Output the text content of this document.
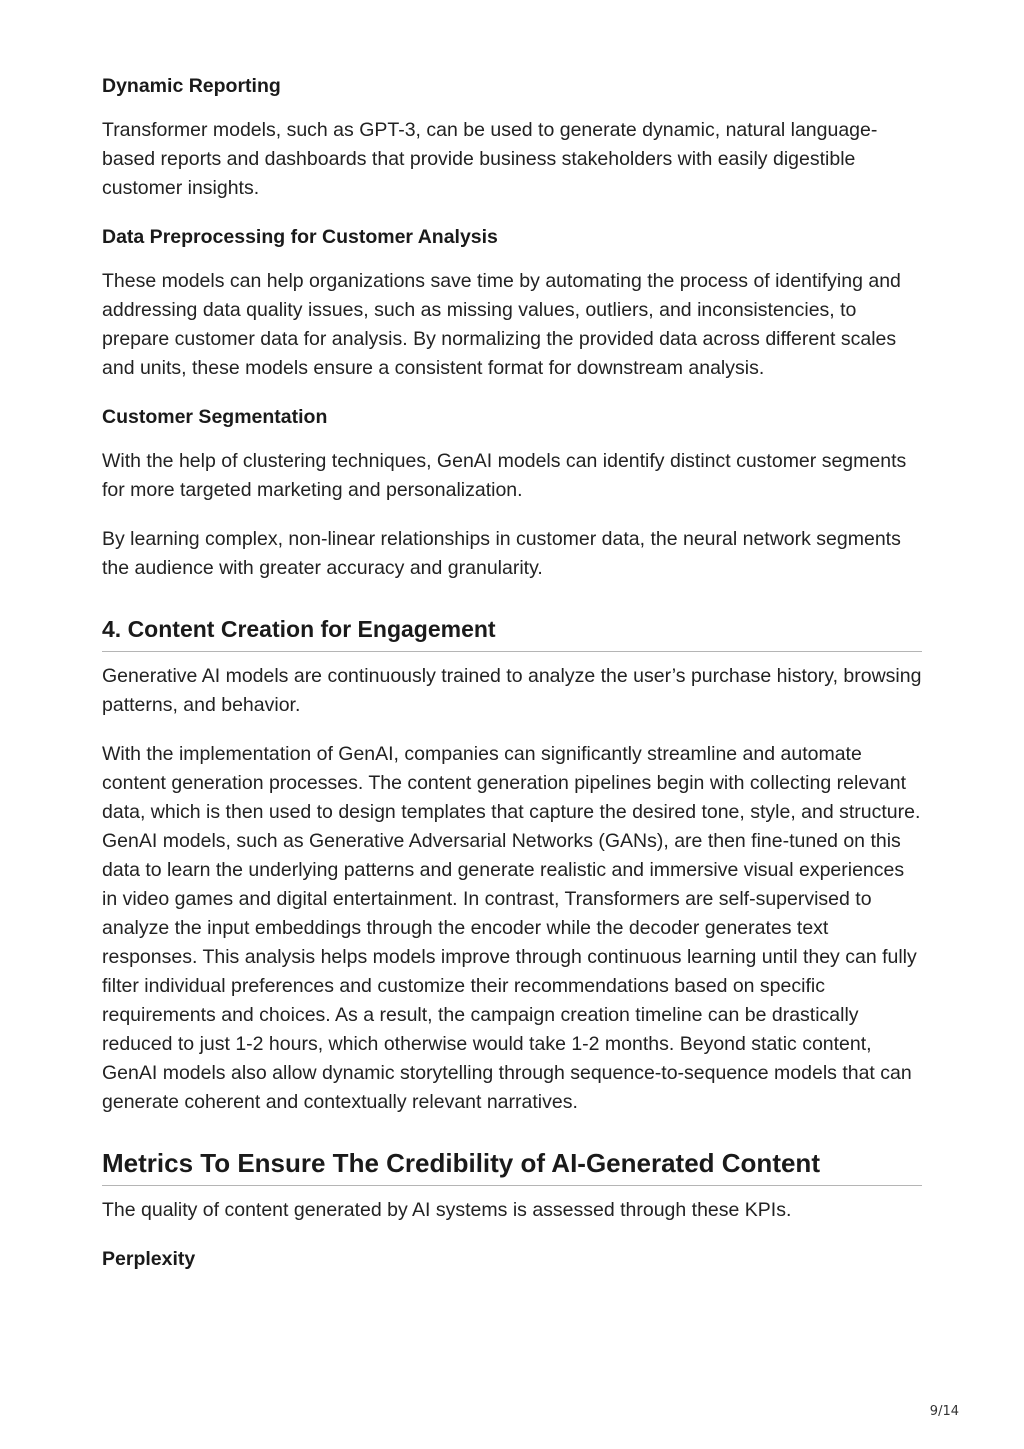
Dynamic Reporting

Transformer models, such as GPT-3, can be used to generate dynamic, natural language-based reports and dashboards that provide business stakeholders with easily digestible customer insights.

Data Preprocessing for Customer Analysis

These models can help organizations save time by automating the process of identifying and addressing data quality issues, such as missing values, outliers, and inconsistencies, to prepare customer data for analysis. By normalizing the provided data across different scales and units, these models ensure a consistent format for downstream analysis.

Customer Segmentation

With the help of clustering techniques, GenAI models can identify distinct customer segments for more targeted marketing and personalization.

By learning complex, non-linear relationships in customer data, the neural network segments the audience with greater accuracy and granularity.

4. Content Creation for Engagement

Generative AI models are continuously trained to analyze the user’s purchase history, browsing patterns, and behavior.

With the implementation of GenAI, companies can significantly streamline and automate content generation processes. The content generation pipelines begin with collecting relevant data, which is then used to design templates that capture the desired tone, style, and structure. GenAI models, such as Generative Adversarial Networks (GANs), are then fine-tuned on this data to learn the underlying patterns and generate realistic and immersive visual experiences in video games and digital entertainment. In contrast, Transformers are self-supervised to analyze the input embeddings through the encoder while the decoder generates text responses. This analysis helps models improve through continuous learning until they can fully filter individual preferences and customize their recommendations based on specific requirements and choices. As a result, the campaign creation timeline can be drastically reduced to just 1-2 hours, which otherwise would take 1-2 months. Beyond static content, GenAI models also allow dynamic storytelling through sequence-to-sequence models that can generate coherent and contextually relevant narratives.

Metrics To Ensure The Credibility of AI-Generated Content

The quality of content generated by AI systems is assessed through these KPIs.

Perplexity
9/14
